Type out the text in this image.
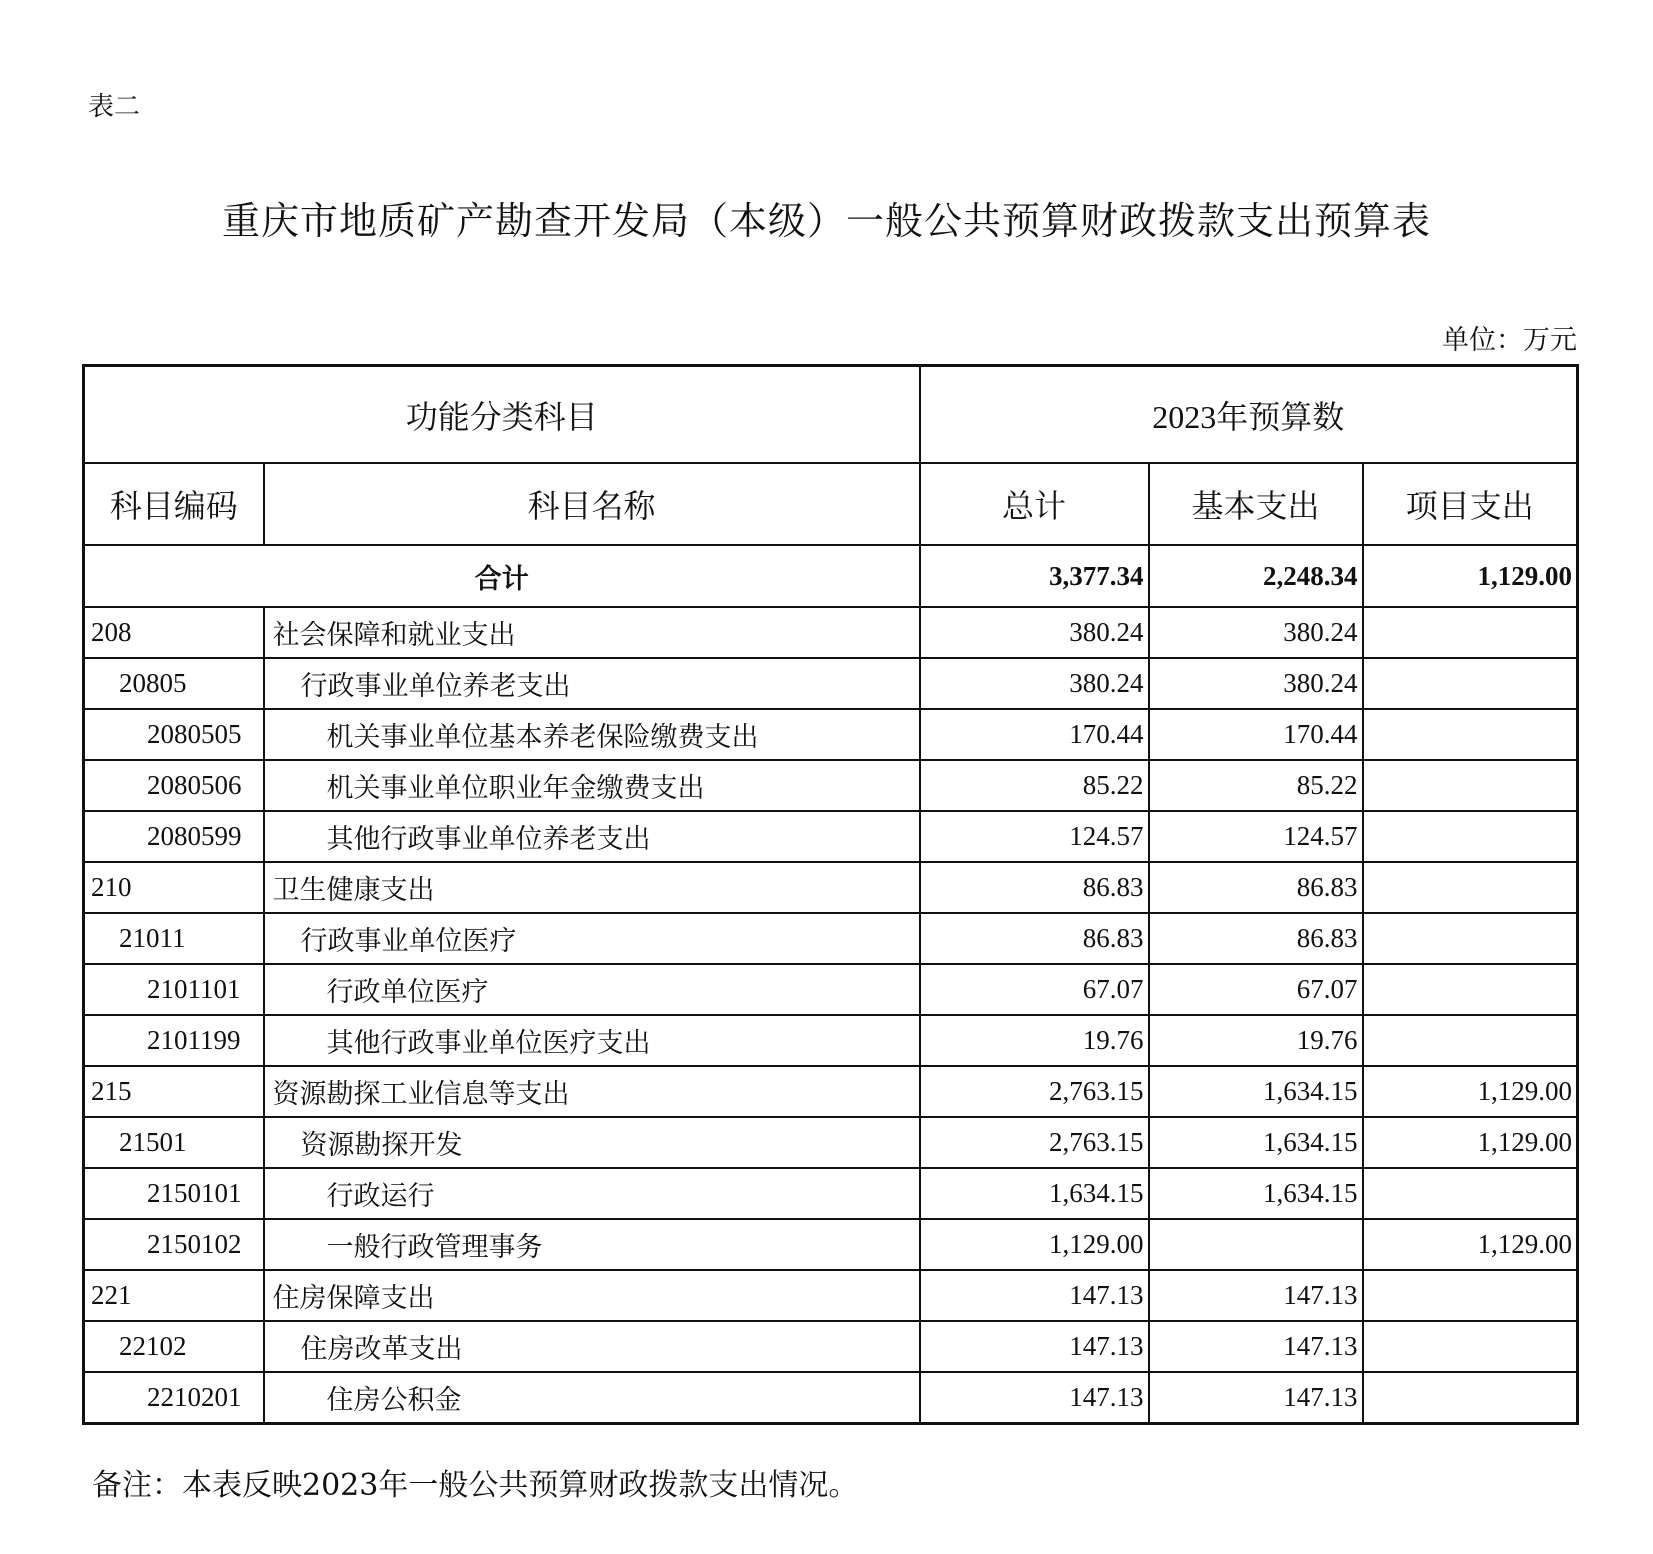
表二
重庆市地质矿产勘查开发局（本级）一般公共预算财政拨款支出预算表
单位：万元
功能分类科目		2023年预算数		
科目编码	科目名称	总计	基本支出	项目支出
合计		3,377.34	2,248.34	1,129.00
208	社会保障和就业支出	380.24	380.24	
20805	行政事业单位养老支出	380.24	380.24	
2080505	机关事业单位基本养老保险缴费支出	170.44	170.44	
2080506	机关事业单位职业年金缴费支出	85.22	85.22	
2080599	其他行政事业单位养老支出	124.57	124.57	
210	卫生健康支出	86.83	86.83	
21011	行政事业单位医疗	86.83	86.83	
2101101	行政单位医疗	67.07	67.07	
2101199	其他行政事业单位医疗支出	19.76	19.76	
215	资源勘探工业信息等支出	2,763.15	1,634.15	1,129.00
21501	资源勘探开发	2,763.15	1,634.15	1,129.00
2150101	行政运行	1,634.15	1,634.15	
2150102	一般行政管理事务	1,129.00		1,129.00
221	住房保障支出	147.13	147.13	
22102	住房改革支出	147.13	147.13	
2210201	住房公积金	147.13	147.13	
备注：本表反映2023年一般公共预算财政拨款支出情况。
